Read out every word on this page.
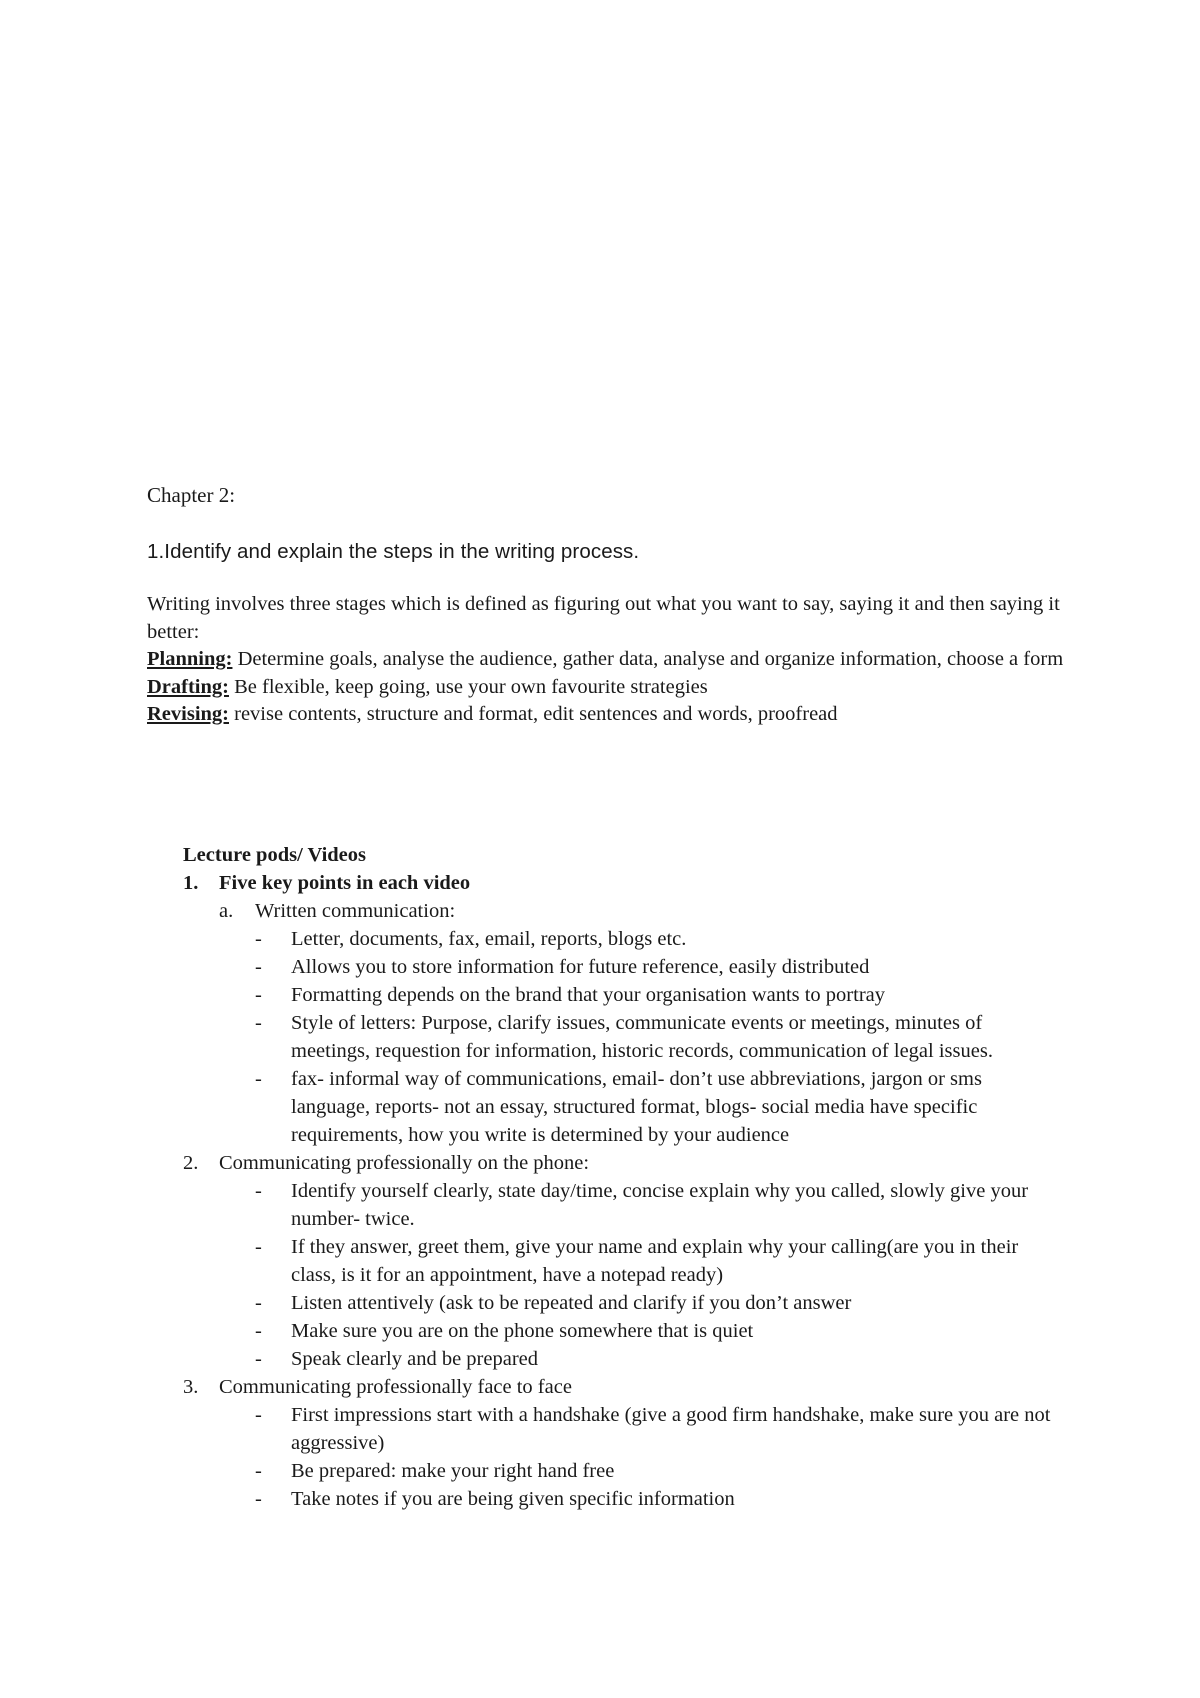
Chapter 2:
1.Identify and explain the steps in the writing process.

Writing involves three stages which is defined as figuring out what you want to say, saying it and then saying it better:

Planning: Determine goals, analyse the audience, gather data, analyse and organize information, choose a form

Drafting: Be flexible, keep going, use your own favourite strategies

Revising: revise contents, structure and format, edit sentences and words, proofread

Lecture pods/ Videos
1. Five key points in each video
a. Written communication:
- Letter, documents, fax, email, reports, blogs etc.
- Allows you to store information for future reference, easily distributed
- Formatting depends on the brand that your organisation wants to portray
- Style of letters: Purpose, clarify issues, communicate events or meetings, minutes of meetings, requestion for information, historic records, communication of legal issues.
- fax- informal way of communications, email- don’t use abbreviations, jargon or sms language, reports- not an essay, structured format, blogs- social media have specific requirements, how you write is determined by your audience
2. Communicating professionally on the phone:
- Identify yourself clearly, state day/time, concise explain why you called, slowly give your number- twice.
- If they answer, greet them, give your name and explain why your calling(are you in their class, is it for an appointment, have a notepad ready)
- Listen attentively (ask to be repeated and clarify if you don’t answer
- Make sure you are on the phone somewhere that is quiet
- Speak clearly and be prepared
3. Communicating professionally face to face
- First impressions start with a handshake (give a good firm handshake, make sure you are not aggressive)
- Be prepared: make your right hand free
- Take notes if you are being given specific information
